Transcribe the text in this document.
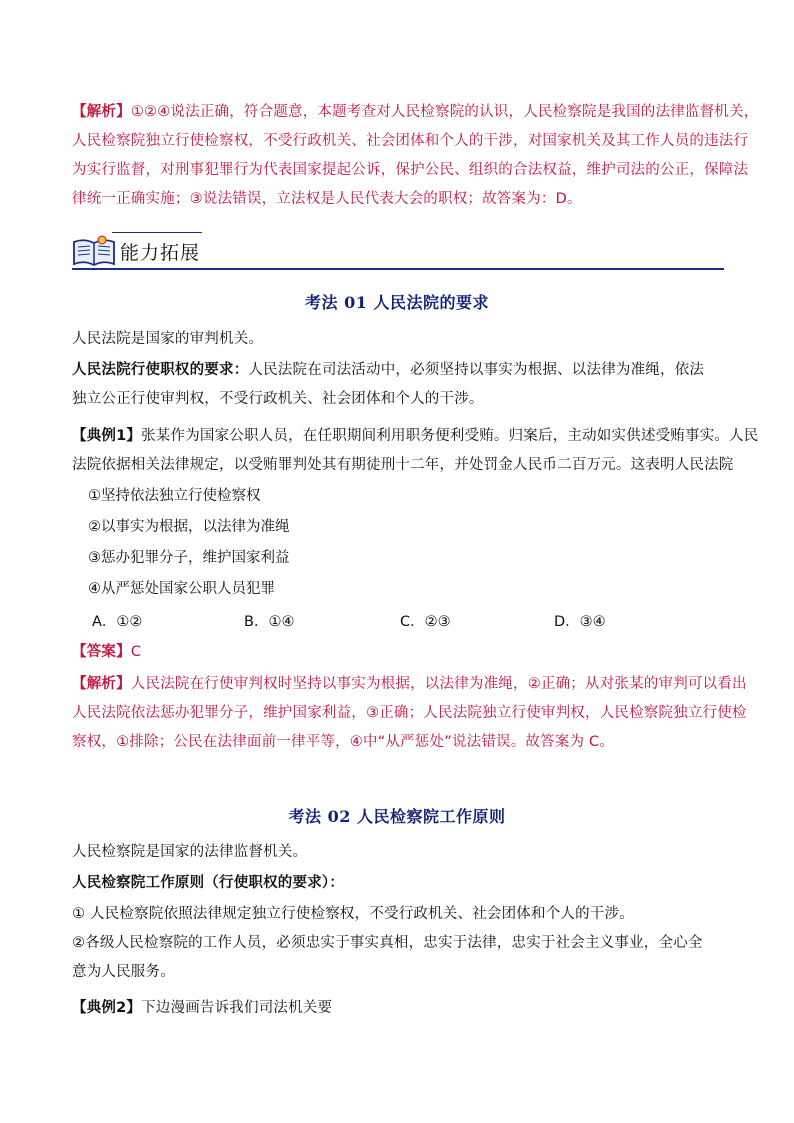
【解析】①②④说法正确，符合题意，本题考查对人民检察院的认识，人民检察院是我国的法律监督机关，
人民检察院独立行使检察权，不受行政机关、社会团体和个人的干涉，对国家机关及其工作人员的违法行
为实行监督，对刑事犯罪行为代表国家提起公诉，保护公民、组织的合法权益，维护司法的公正，保障法
律统一正确实施；③说法错误，立法权是人民代表大会的职权；故答案为：D。
能力拓展
考法 01 人民法院的要求
人民法院是国家的审判机关。
人民法院行使职权的要求：人民法院在司法活动中，必须坚持以事实为根据、以法律为准绳，依法
独立公正行使审判权，不受行政机关、社会团体和个人的干涉。
【典例1】张某作为国家公职人员，在任职期间利用职务便利受贿。归案后，主动如实供述受贿事实。人民
法院依据相关法律规定，以受贿罪判处其有期徒刑十二年，并处罚金人民币二百万元。这表明人民法院
①坚持依法独立行使检察权
②以事实为根据，以法律为准绳
③惩办犯罪分子，维护国家利益
④从严惩处国家公职人员犯罪
A．①②	B．①④	C．②③	D．③④
【答案】C
【解析】人民法院在行使审判权时坚持以事实为根据，以法律为准绳，②正确；从对张某的审判可以看出
人民法院依法惩办犯罪分子，维护国家利益，③正确；人民法院独立行使审判权，人民检察院独立行使检
察权，①排除；公民在法律面前一律平等，④中“从严惩处”说法错误。故答案为 C。
考法 02 人民检察院工作原则
人民检察院是国家的法律监督机关。
人民检察院工作原则（行使职权的要求）：
① 人民检察院依照法律规定独立行使检察权，不受行政机关、社会团体和个人的干涉。
②各级人民检察院的工作人员，必须忠实于事实真相，忠实于法律，忠实于社会主义事业，全心全
意为人民服务。
【典例2】下边漫画告诉我们司法机关要
